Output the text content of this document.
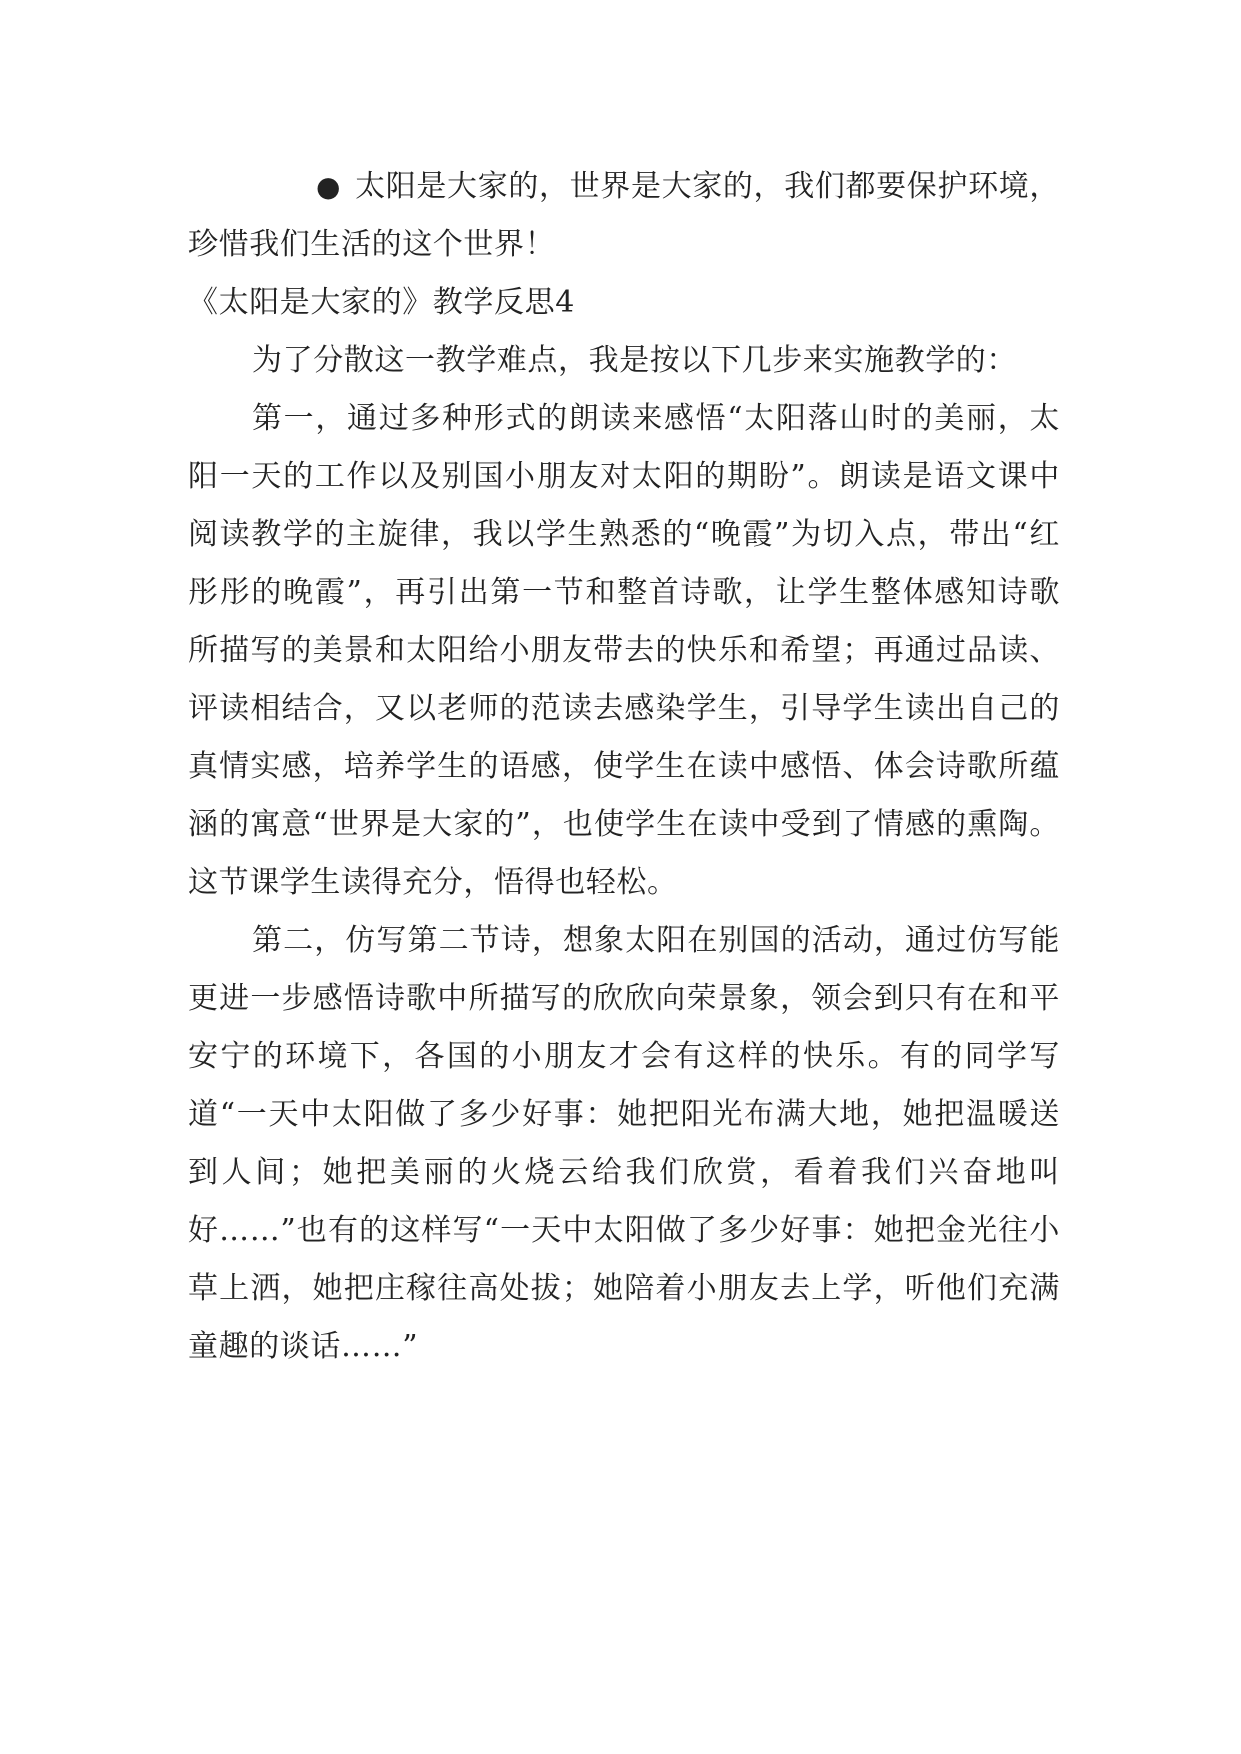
● 太阳是大家的，世界是大家的，我们都要保护环境，珍惜我们生活的这个世界！

《太阳是大家的》教学反思4

为了分散这一教学难点，我是按以下几步来实施教学的：

第一，通过多种形式的朗读来感悟“太阳落山时的美丽，太阳一天的工作以及别国小朋友对太阳的期盼”。朗读是语文课中阅读教学的主旋律，我以学生熟悉的“晚霞”为切入点，带出“红彤彤的晚霞”，再引出第一节和整首诗歌，让学生整体感知诗歌所描写的美景和太阳给小朋友带去的快乐和希望；再通过品读、评读相结合，又以老师的范读去感染学生，引导学生读出自己的真情实感，培养学生的语感，使学生在读中感悟、体会诗歌所蕴涵的寓意“世界是大家的”，也使学生在读中受到了情感的熏陶。这节课学生读得充分，悟得也轻松。

第二，仿写第二节诗，想象太阳在别国的活动，通过仿写能更进一步感悟诗歌中所描写的欣欣向荣景象，领会到只有在和平安宁的环境下，各国的小朋友才会有这样的快乐。有的同学写道“一天中太阳做了多少好事：她把阳光布满大地，她把温暖送到人间；她把美丽的火烧云给我们欣赏，看着我们兴奋地叫好……”也有的这样写“一天中太阳做了多少好事：她把金光往小草上洒，她把庄稼往高处拔；她陪着小朋友去上学，听他们充满童趣的谈话……”
